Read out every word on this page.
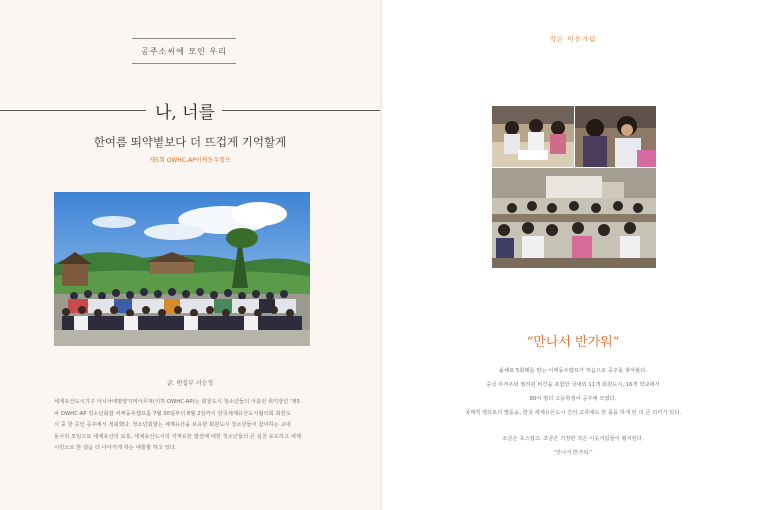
공주소씨에 모인 우리
나, 너를
한여름 뙤약볕보다 더 뜨겁게 기억할게
제5회 OWHC-AP어쩌동우캠프
글. 편집부 서승정

세계유산도시기구 아시아태평양지역사무처(이하 OWHC-AP)는 회원도시 청소년들의 아름된 취미장인 '제5
차 OWHC-AP 청소년회합 어쩌동우캠프를 7월 30일부터 8월 2일까지 한국세계유산도시협의회 회원도
시 중 한 곳인 공주에서 개최했다. 청소년회합는 세계유산을 보유한 회원도시 청소년들이 참여하는 교내
동아리 모임으로 세계유산의 보호, 세계유산도시의 지역유한 발전에 대한 청소년들의 큰 실천 유도하고 세계
시민으로 한 걸음 더 나아가게 하는 애들할 하고 있다.

작은 이웃거림
“만나서 반가워”

올해로 5회째를 맞는 어쩌동우캠프가 처음으로 공주를 찾아왔다.

중국 쑤저우와 필리핀 비간을 포함한 국내외 11개 회원도시, 16개 학교에서

80여 명의 고등학생이 공주에 모였다.

국제적 행프로의 발돋움, 한국 세계유산도시 간의 교류에도 한 몫을 하게 된 더 큰 의미가 있다.

조금은 쑥스럽고, 조금은 의장한 작은 이웃거림들이 펼치된다.

“만나서 반가워.”
